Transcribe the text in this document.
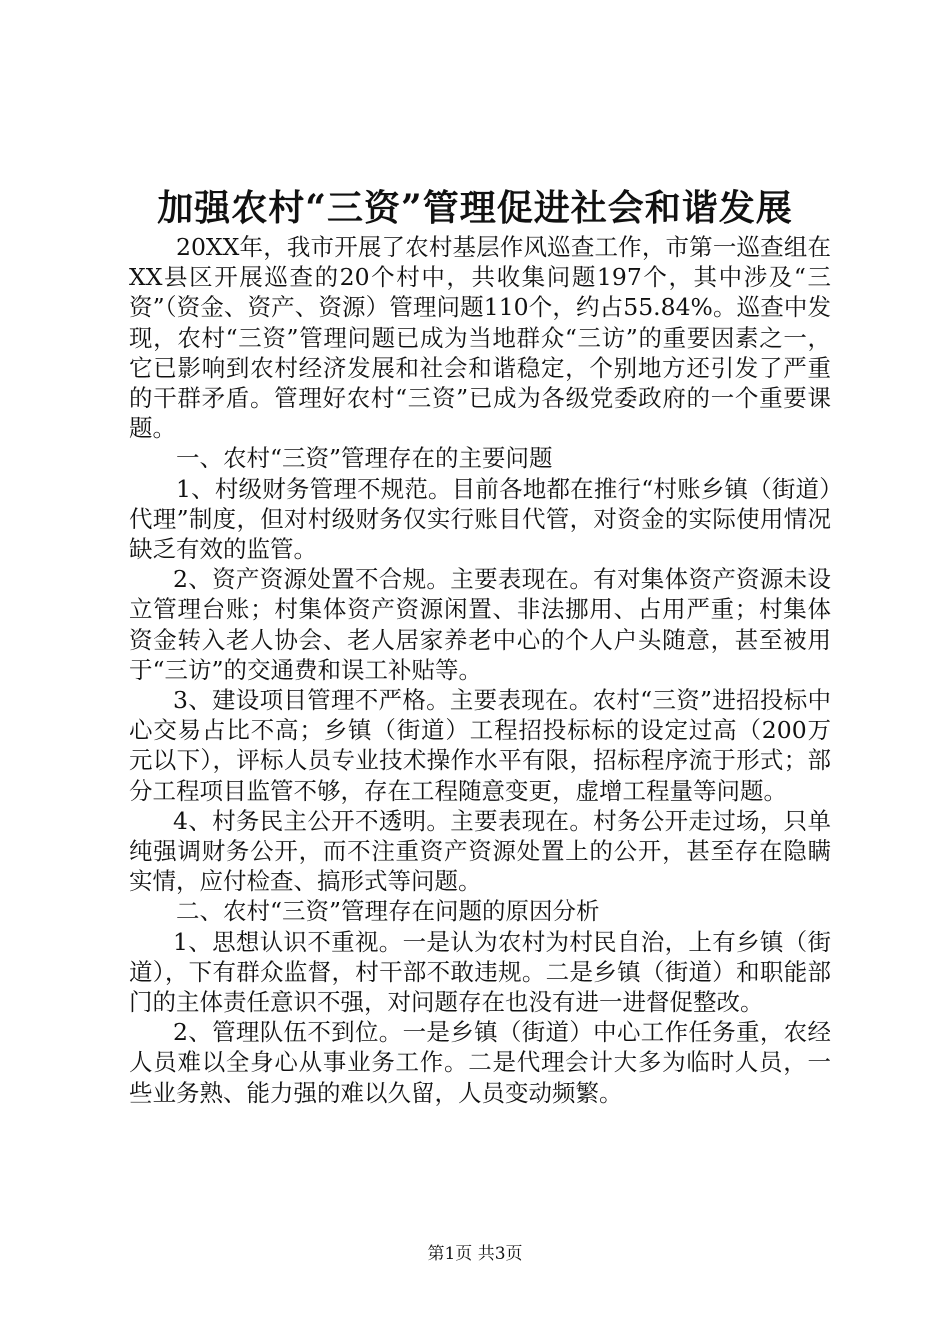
加强农村“三资”管理促进社会和谐发展

20XX年，我市开展了农村基层作风巡查工作，市第一巡查组在XX县区开展巡查的20个村中，共收集问题197个，其中涉及“三资”（资金、资产、资源）管理问题110个，约占55.84%。巡查中发现，农村“三资”管理问题已成为当地群众“三访”的重要因素之一，它已影响到农村经济发展和社会和谐稳定，个别地方还引发了严重的干群矛盾。管理好农村“三资”已成为各级党委政府的一个重要课题。

一、农村“三资”管理存在的主要问题

1、村级财务管理不规范。目前各地都在推行“村账乡镇（街道）代理”制度，但对村级财务仅实行账目代管，对资金的实际使用情况缺乏有效的监管。

2、资产资源处置不合规。主要表现在。有对集体资产资源未设立管理台账；村集体资产资源闲置、非法挪用、占用严重；村集体资金转入老人协会、老人居家养老中心的个人户头随意，甚至被用于“三访”的交通费和误工补贴等。

3、建设项目管理不严格。主要表现在。农村“三资”进招投标中心交易占比不高；乡镇（街道）工程招投标标的设定过高（200万元以下），评标人员专业技术操作水平有限，招标程序流于形式；部分工程项目监管不够，存在工程随意变更，虚增工程量等问题。

4、村务民主公开不透明。主要表现在。村务公开走过场，只单纯强调财务公开，而不注重资产资源处置上的公开，甚至存在隐瞒实情，应付检查、搞形式等问题。

二、农村“三资”管理存在问题的原因分析

1、思想认识不重视。一是认为农村为村民自治，上有乡镇（街道），下有群众监督，村干部不敢违规。二是乡镇（街道）和职能部门的主体责任意识不强，对问题存在也没有进一进督促整改。

2、管理队伍不到位。一是乡镇（街道）中心工作任务重，农经人员难以全身心从事业务工作。二是代理会计大多为临时人员，一些业务熟、能力强的难以久留，人员变动频繁。

第1页 共3页
